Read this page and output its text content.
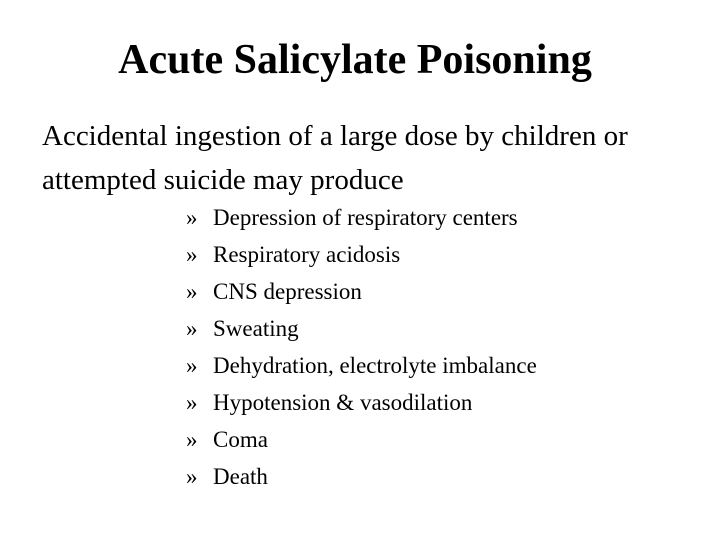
Acute Salicylate Poisoning
Accidental ingestion of a large dose by children or attempted suicide may produce
» Depression of respiratory centers
» Respiratory acidosis
» CNS depression
» Sweating
» Dehydration, electrolyte imbalance
» Hypotension & vasodilation
» Coma
» Death
